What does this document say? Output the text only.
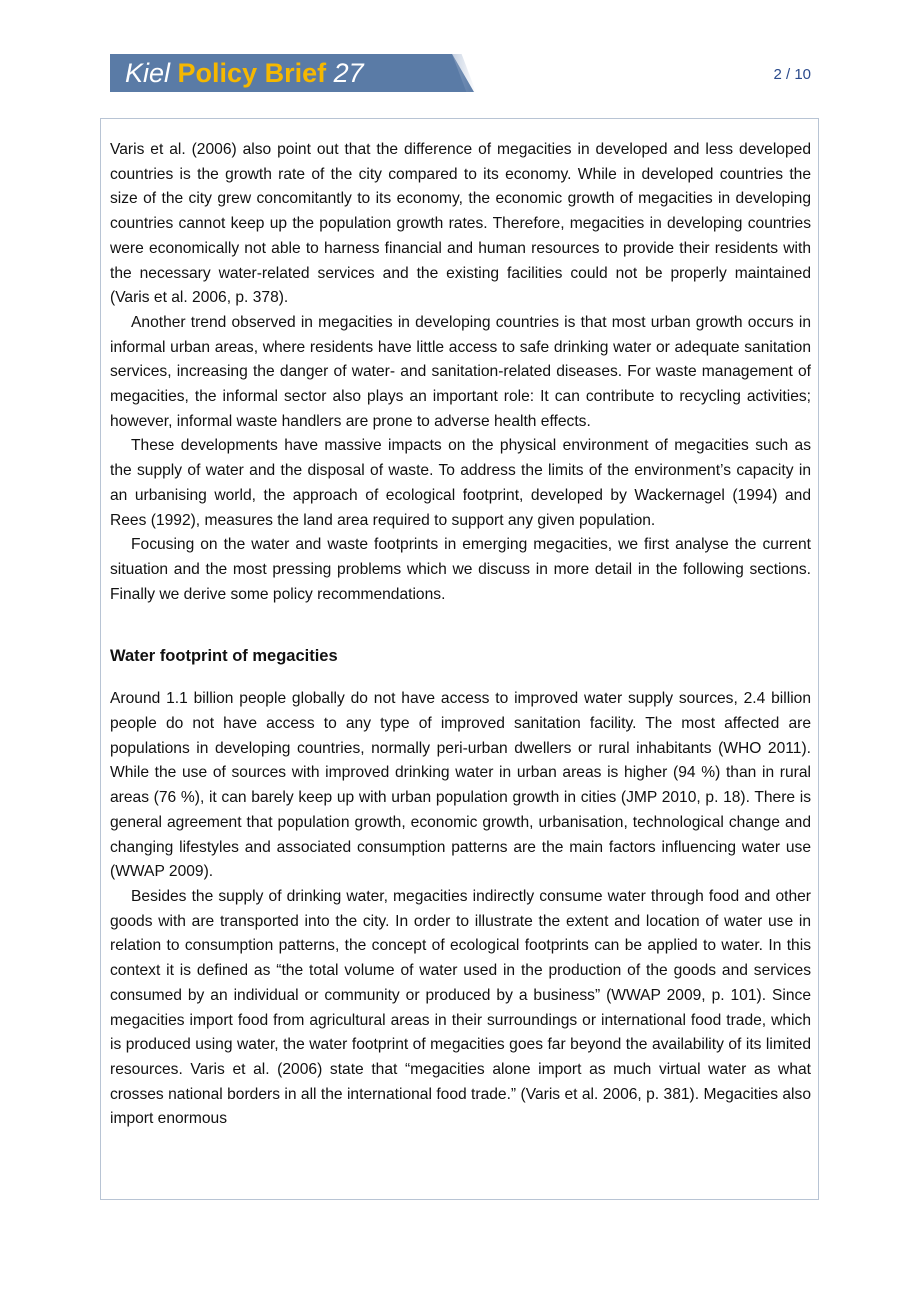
Kiel Policy Brief 27	2 / 10

Varis et al. (2006) also point out that the difference of megacities in developed and less developed countries is the growth rate of the city compared to its economy. While in developed countries the size of the city grew concomitantly to its economy, the economic growth of megacities in developing countries cannot keep up the population growth rates. Therefore, megacities in developing countries were economically not able to harness financial and human resources to provide their residents with the necessary water-related services and the existing facilities could not be properly maintained (Varis et al. 2006, p. 378).

Another trend observed in megacities in developing countries is that most urban growth occurs in informal urban areas, where residents have little access to safe drinking water or adequate sanitation services, increasing the danger of water- and sanitation-related diseases. For waste management of megacities, the informal sector also plays an important role: It can contribute to recycling activities; however, informal waste handlers are prone to adverse health effects.

These developments have massive impacts on the physical environment of megacities such as the supply of water and the disposal of waste. To address the limits of the environment’s capacity in an urbanising world, the approach of ecological footprint, developed by Wackernagel (1994) and Rees (1992), measures the land area required to support any given population.

Focusing on the water and waste footprints in emerging megacities, we first analyse the current situation and the most pressing problems which we discuss in more detail in the following sections. Finally we derive some policy recommendations.

Water footprint of megacities

Around 1.1 billion people globally do not have access to improved water supply sources, 2.4 billion people do not have access to any type of improved sanitation facility. The most affected are populations in developing countries, normally peri-urban dwellers or rural inhabitants (WHO 2011). While the use of sources with improved drinking water in urban areas is higher (94 %) than in rural areas (76 %), it can barely keep up with urban population growth in cities (JMP 2010, p. 18). There is general agreement that population growth, economic growth, urbanisation, technological change and changing lifestyles and associated consumption patterns are the main factors influencing water use (WWAP 2009).

Besides the supply of drinking water, megacities indirectly consume water through food and other goods with are transported into the city. In order to illustrate the extent and location of water use in relation to consumption patterns, the concept of ecological footprints can be applied to water. In this context it is defined as “the total volume of water used in the production of the goods and services consumed by an individual or community or produced by a business” (WWAP 2009, p. 101). Since megacities import food from agricultural areas in their surroundings or international food trade, which is produced using water, the water footprint of megacities goes far beyond the availability of its limited resources. Varis et al. (2006) state that “megacities alone import as much virtual water as what crosses national borders in all the international food trade.” (Varis et al. 2006, p. 381). Megacities also import enormous
